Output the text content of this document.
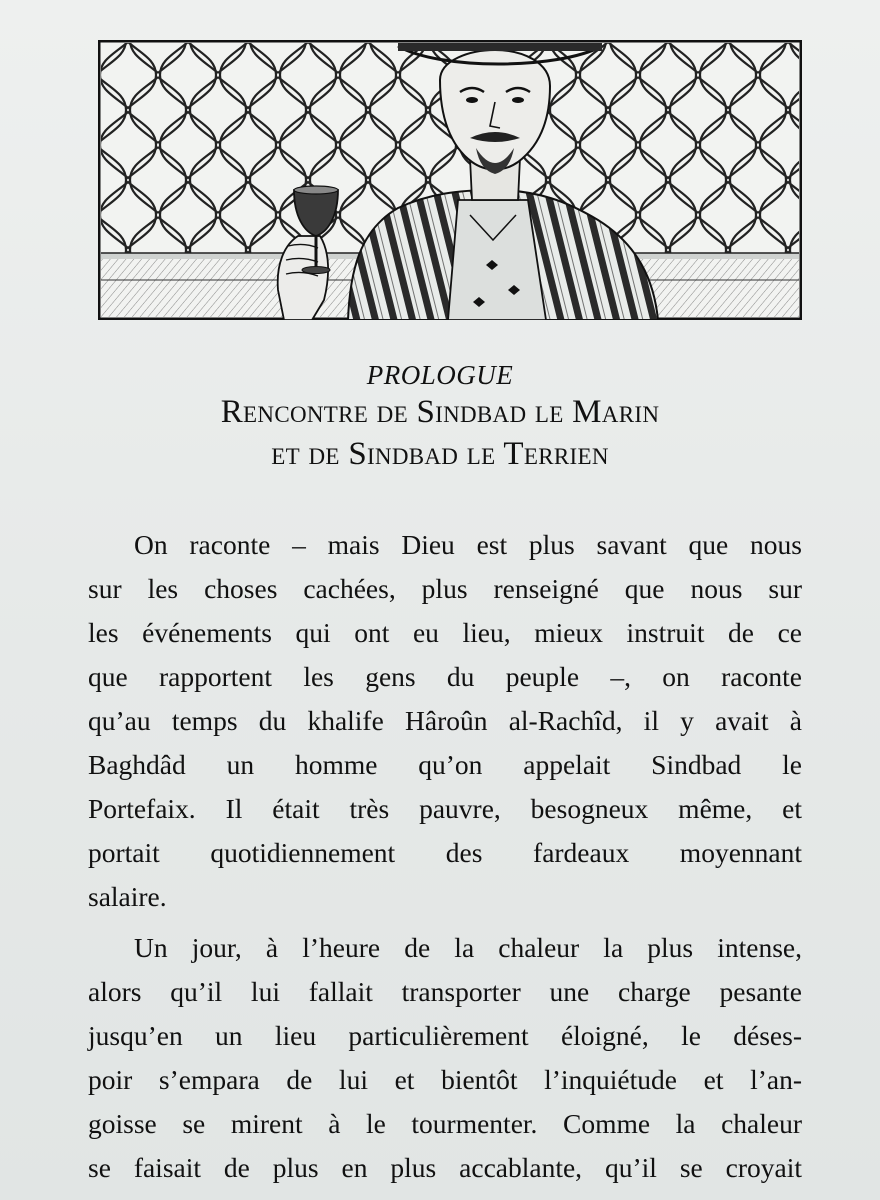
PROLOGUE
Rencontre de Sindbad le Marin
et de Sindbad le Terrien
On raconte – mais Dieu est plus savant que nous
sur les choses cachées, plus renseigné que nous sur
les événements qui ont eu lieu, mieux instruit de ce
que rapportent les gens du peuple –, on raconte
qu’au temps du khalife Hâroûn al-Rachîd, il y avait à
Baghdâd un homme qu’on appelait Sindbad le
Portefaix. Il était très pauvre, besogneux même, et
portait quotidiennement des fardeaux moyennant
salaire.
Un jour, à l’heure de la chaleur la plus intense,
alors qu’il lui fallait transporter une charge pesante
jusqu’en un lieu particulièrement éloigné, le déses-
poir s’empara de lui et bientôt l’inquiétude et l’an-
goisse se mirent à le tourmenter. Comme la chaleur
se faisait de plus en plus accablante, qu’il se croyait
